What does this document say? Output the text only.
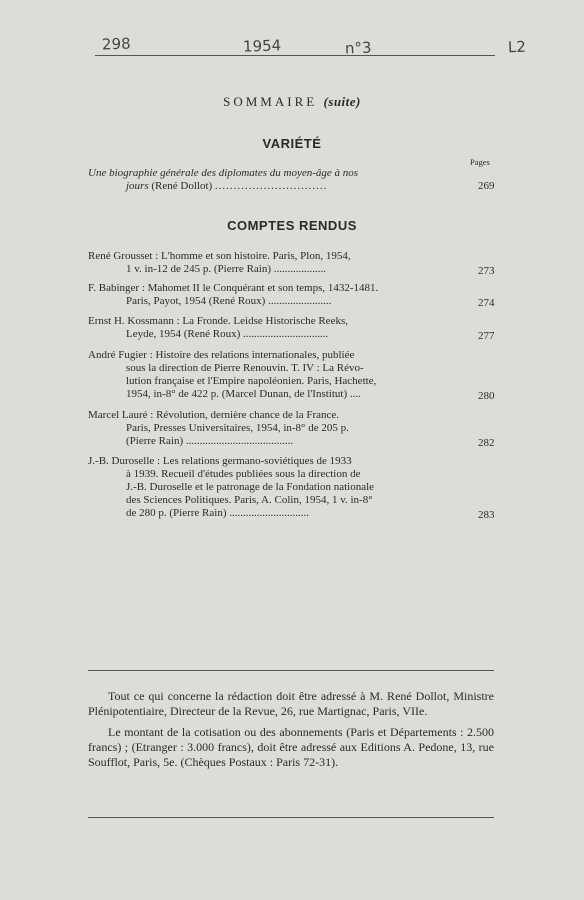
298	1954	n°3	L2
SOMMAIRE (suite)
VARIÉTÉ
Pages
Une biographie générale des diplomates du moyen-âge à nos
jours (René Dollot) ..............................	269
COMPTES RENDUS
René Grousset : L'homme et son histoire. Paris, Plon, 1954,
1 v. in-12 de 245 p. (Pierre Rain) ...................	273
F. Babinger : Mahomet II le Conquérant et son temps, 1432-1481.
Paris, Payot, 1954 (René Roux) .......................	274
Ernst H. Kossmann : La Fronde. Leidse Historische Reeks,
Leyde, 1954 (René Roux) ...............................	277
André Fugier : Histoire des relations internationales, publiée
sous la direction de Pierre Renouvin. T. IV : La Révo-
lution française et l'Empire napoléonien. Paris, Hachette,
1954, in-8° de 422 p. (Marcel Dunan, de l'Institut) ....	280
Marcel Lauré : Révolution, dernière chance de la France.
Paris, Presses Universitaires, 1954, in-8° de 205 p.
(Pierre Rain) .......................................	282
J.-B. Duroselle : Les relations germano-soviétiques de 1933
à 1939. Recueil d'études publiées sous la direction de
J.-B. Duroselle et le patronage de la Fondation nationale
des Sciences Politiques. Paris, A. Colin, 1954, 1 v. in-8°
de 280 p. (Pierre Rain) .............................	283

Tout ce qui concerne la rédaction doit être adressé à M. René Dollot, Ministre Plénipotentiaire, Directeur de la Revue, 26, rue Martignac, Paris, VIIe.

Le montant de la cotisation ou des abonnements (Paris et Départements : 2.500 francs) ; (Etranger : 3.000 francs), doit être adressé aux Editions A. Pedone, 13, rue Soufflot, Paris, 5e. (Chèques Postaux : Paris 72-31).
